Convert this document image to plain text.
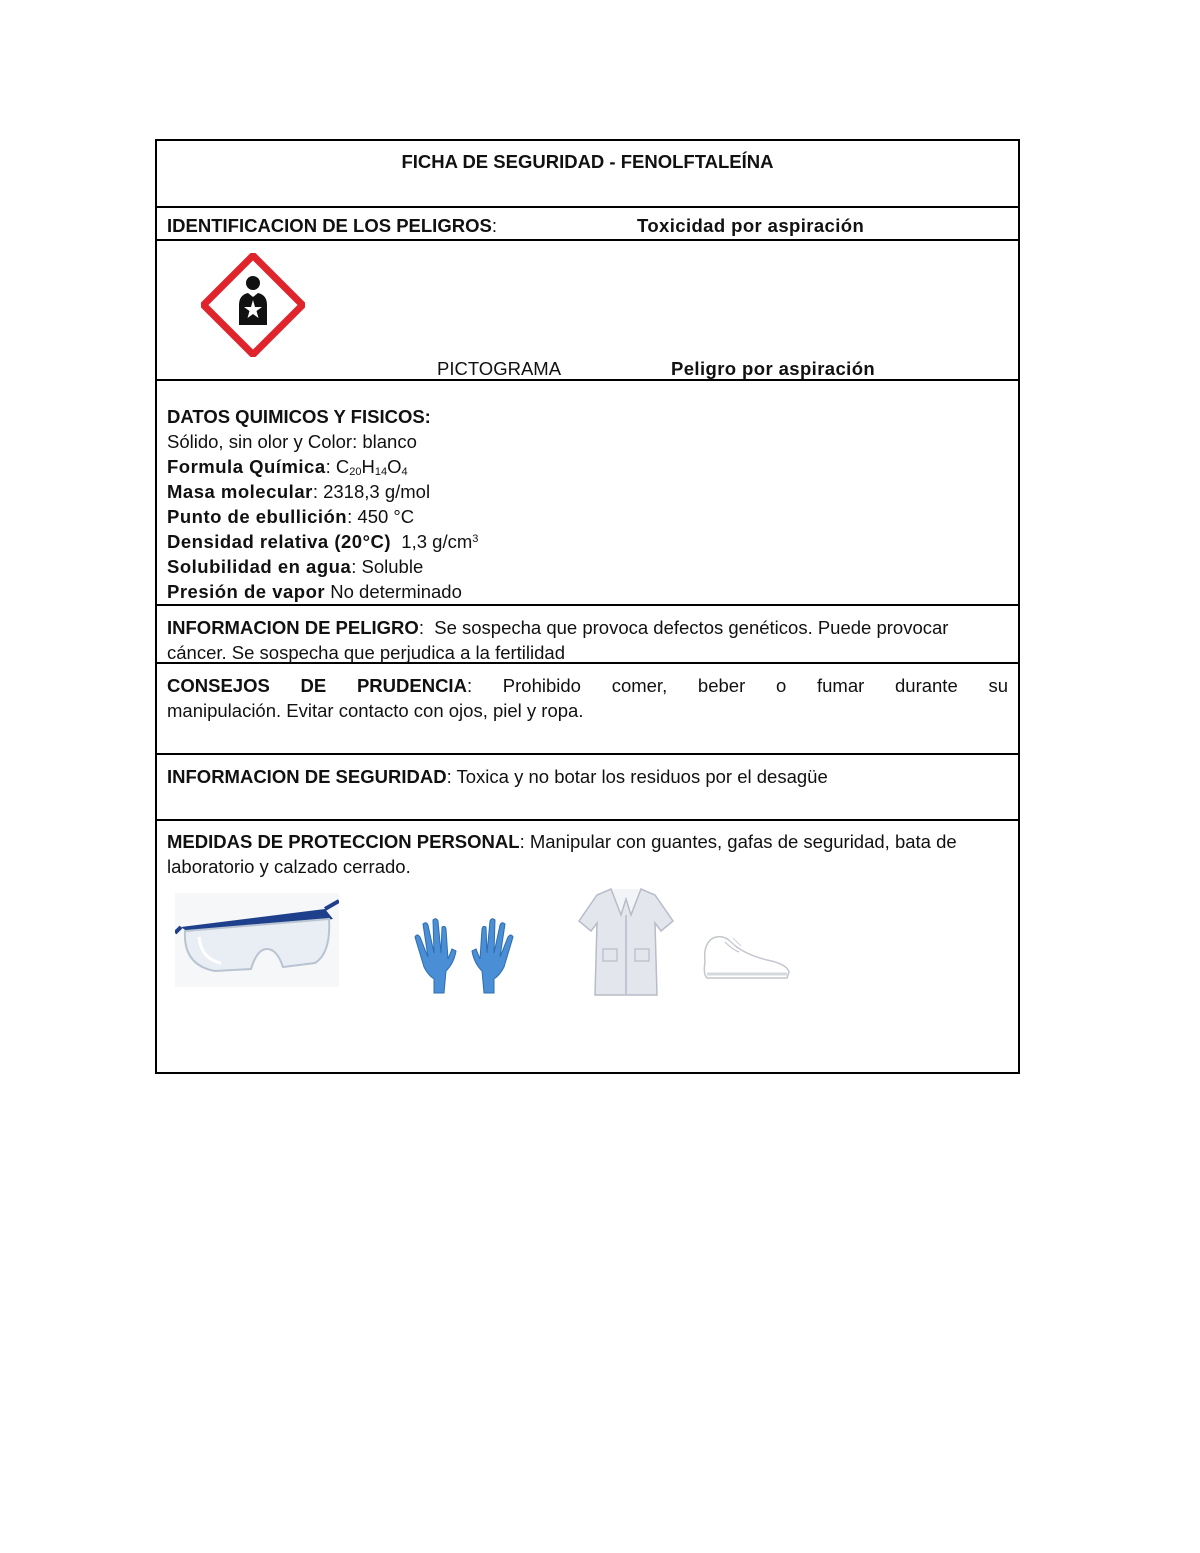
FICHA DE SEGURIDAD - FENOLFTALEÍNA
IDENTIFICACION DE LOS PELIGROS:	Toxicidad por aspiración
PICTOGRAMA	Peligro por aspiración
DATOS QUIMICOS Y FISICOS:
Sólido, sin olor y Color: blanco
Formula Química: $C_{20}H_{14}O_4$
Masa molecular: 2318,3 g/mol
Punto de ebullición: 450 °C
Densidad relativa (20°C)  1,3 $g/cm^3$
Solubilidad en agua: Soluble
Presión de vapor No determinado
INFORMACION DE PELIGRO:  Se sospecha que provoca defectos genéticos. Puede provocar cáncer. Se sospecha que perjudica a la fertilidad
CONSEJOS DE PRUDENCIA: Prohibido comer, beber o fumar durante su
manipulación. Evitar contacto con ojos, piel y ropa.
INFORMACION DE SEGURIDAD: Toxica y no botar los residuos por el desagüe
MEDIDAS DE PROTECCION PERSONAL: Manipular con guantes, gafas de seguridad, bata de laboratorio y calzado cerrado.
